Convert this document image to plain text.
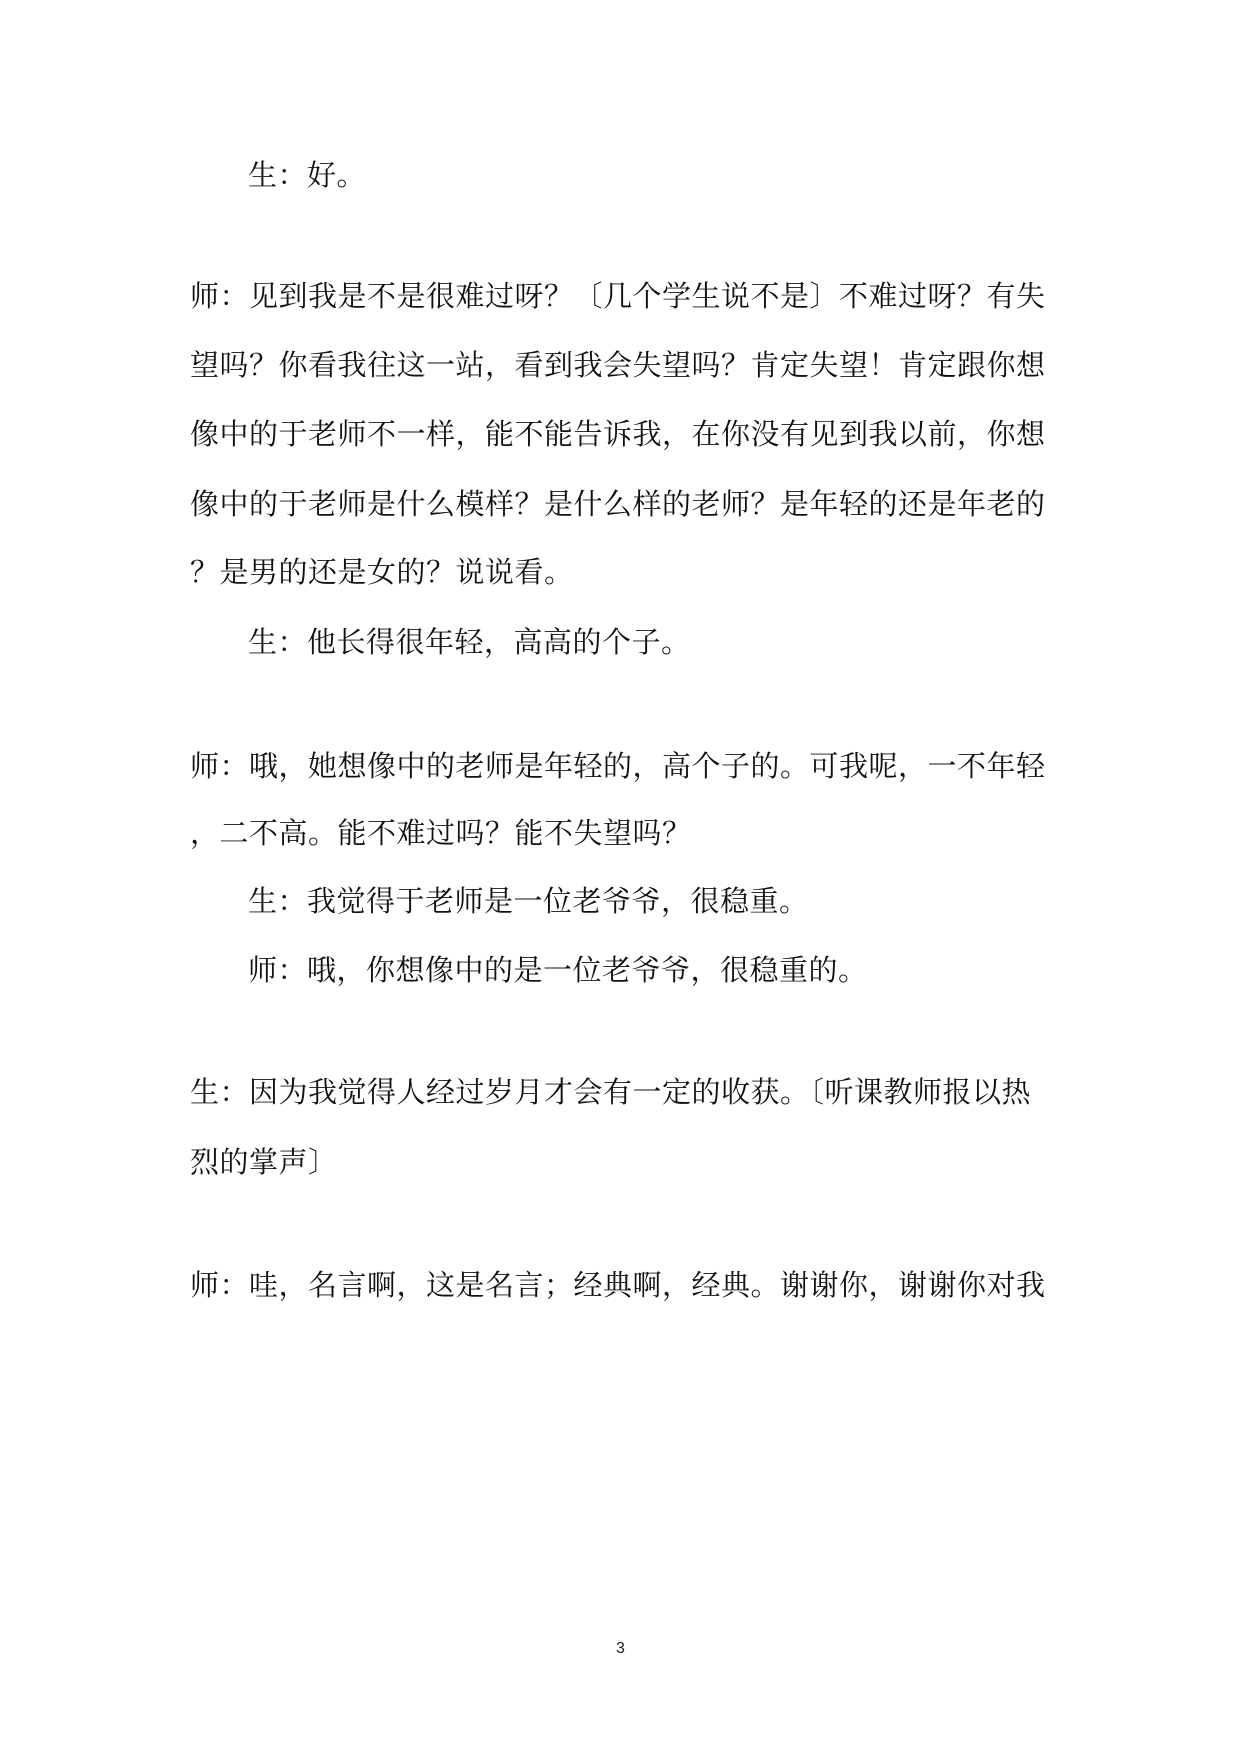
生：好。
师：见到我是不是很难过呀？〔几个学生说不是〕不难过呀？有失
望吗？你看我往这一站，看到我会失望吗？肯定失望！肯定跟你想
像中的于老师不一样，能不能告诉我，在你没有见到我以前，你想
像中的于老师是什么模样？是什么样的老师？是年轻的还是年老的
？是男的还是女的？说说看。
生：他长得很年轻，高高的个子。
师：哦，她想像中的老师是年轻的，高个子的。可我呢，一不年轻
，二不高。能不难过吗？能不失望吗？
生：我觉得于老师是一位老爷爷，很稳重。
师：哦，你想像中的是一位老爷爷，很稳重的。
生：因为我觉得人经过岁月才会有一定的收获。〔听课教师报以热
烈的掌声〕
师：哇，名言啊，这是名言；经典啊，经典。谢谢你，谢谢你对我
3
